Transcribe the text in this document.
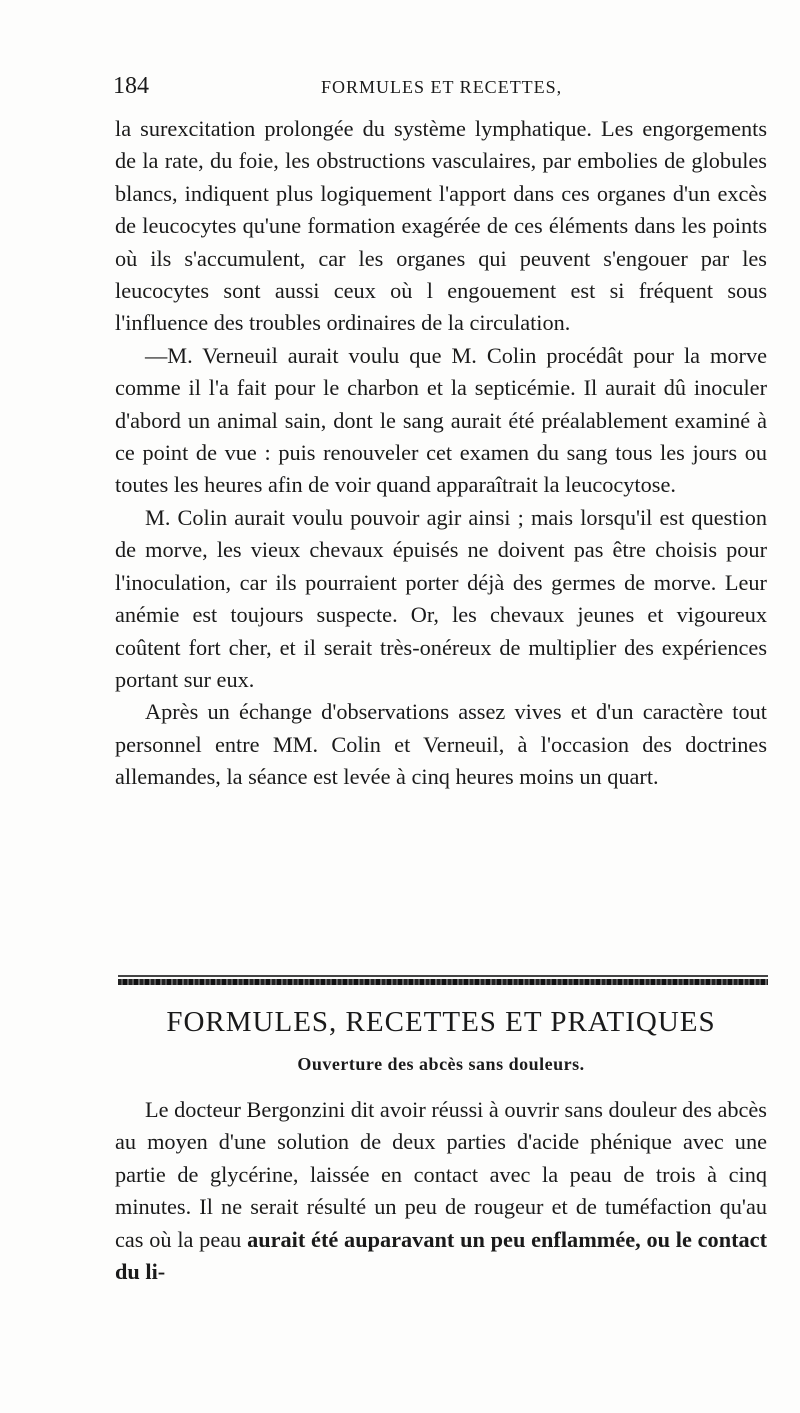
184	FORMULES ET RECETTES,

la surexcitation prolongée du système lymphatique. Les engorgements de la rate, du foie, les obstructions vasculaires, par embolies de globules blancs, indiquent plus logiquement l'apport dans ces organes d'un excès de leucocytes qu'une formation exagérée de ces éléments dans les points où ils s'accumulent, car les organes qui peuvent s'engouer par les leucocytes sont aussi ceux où l engouement est si fréquent sous l'influence des troubles ordinaires de la circulation.

—M. Verneuil aurait voulu que M. Colin procédât pour la morve comme il l'a fait pour le charbon et la septicémie. Il aurait dû inoculer d'abord un animal sain, dont le sang aurait été préalablement examiné à ce point de vue : puis renouveler cet examen du sang tous les jours ou toutes les heures afin de voir quand apparaîtrait la leucocytose.

M. Colin aurait voulu pouvoir agir ainsi ; mais lorsqu'il est question de morve, les vieux chevaux épuisés ne doivent pas être choisis pour l'inoculation, car ils pourraient porter déjà des germes de morve. Leur anémie est toujours suspecte. Or, les chevaux jeunes et vigoureux coûtent fort cher, et il serait très-onéreux de multiplier des expériences portant sur eux.

Après un échange d'observations assez vives et d'un caractère tout personnel entre MM. Colin et Verneuil, à l'occasion des doctrines allemandes, la séance est levée à cinq heures moins un quart.

FORMULES, RECETTES ET PRATIQUES
Ouverture des abcès sans douleurs.

Le docteur Bergonzini dit avoir réussi à ouvrir sans douleur des abcès au moyen d'une solution de deux parties d'acide phénique avec une partie de glycérine, laissée en contact avec la peau de trois à cinq minutes. Il ne serait résulté un peu de rougeur et de tuméfaction qu'au cas où la peau aurait été auparavant un peu enflammée, ou le contact du li-
